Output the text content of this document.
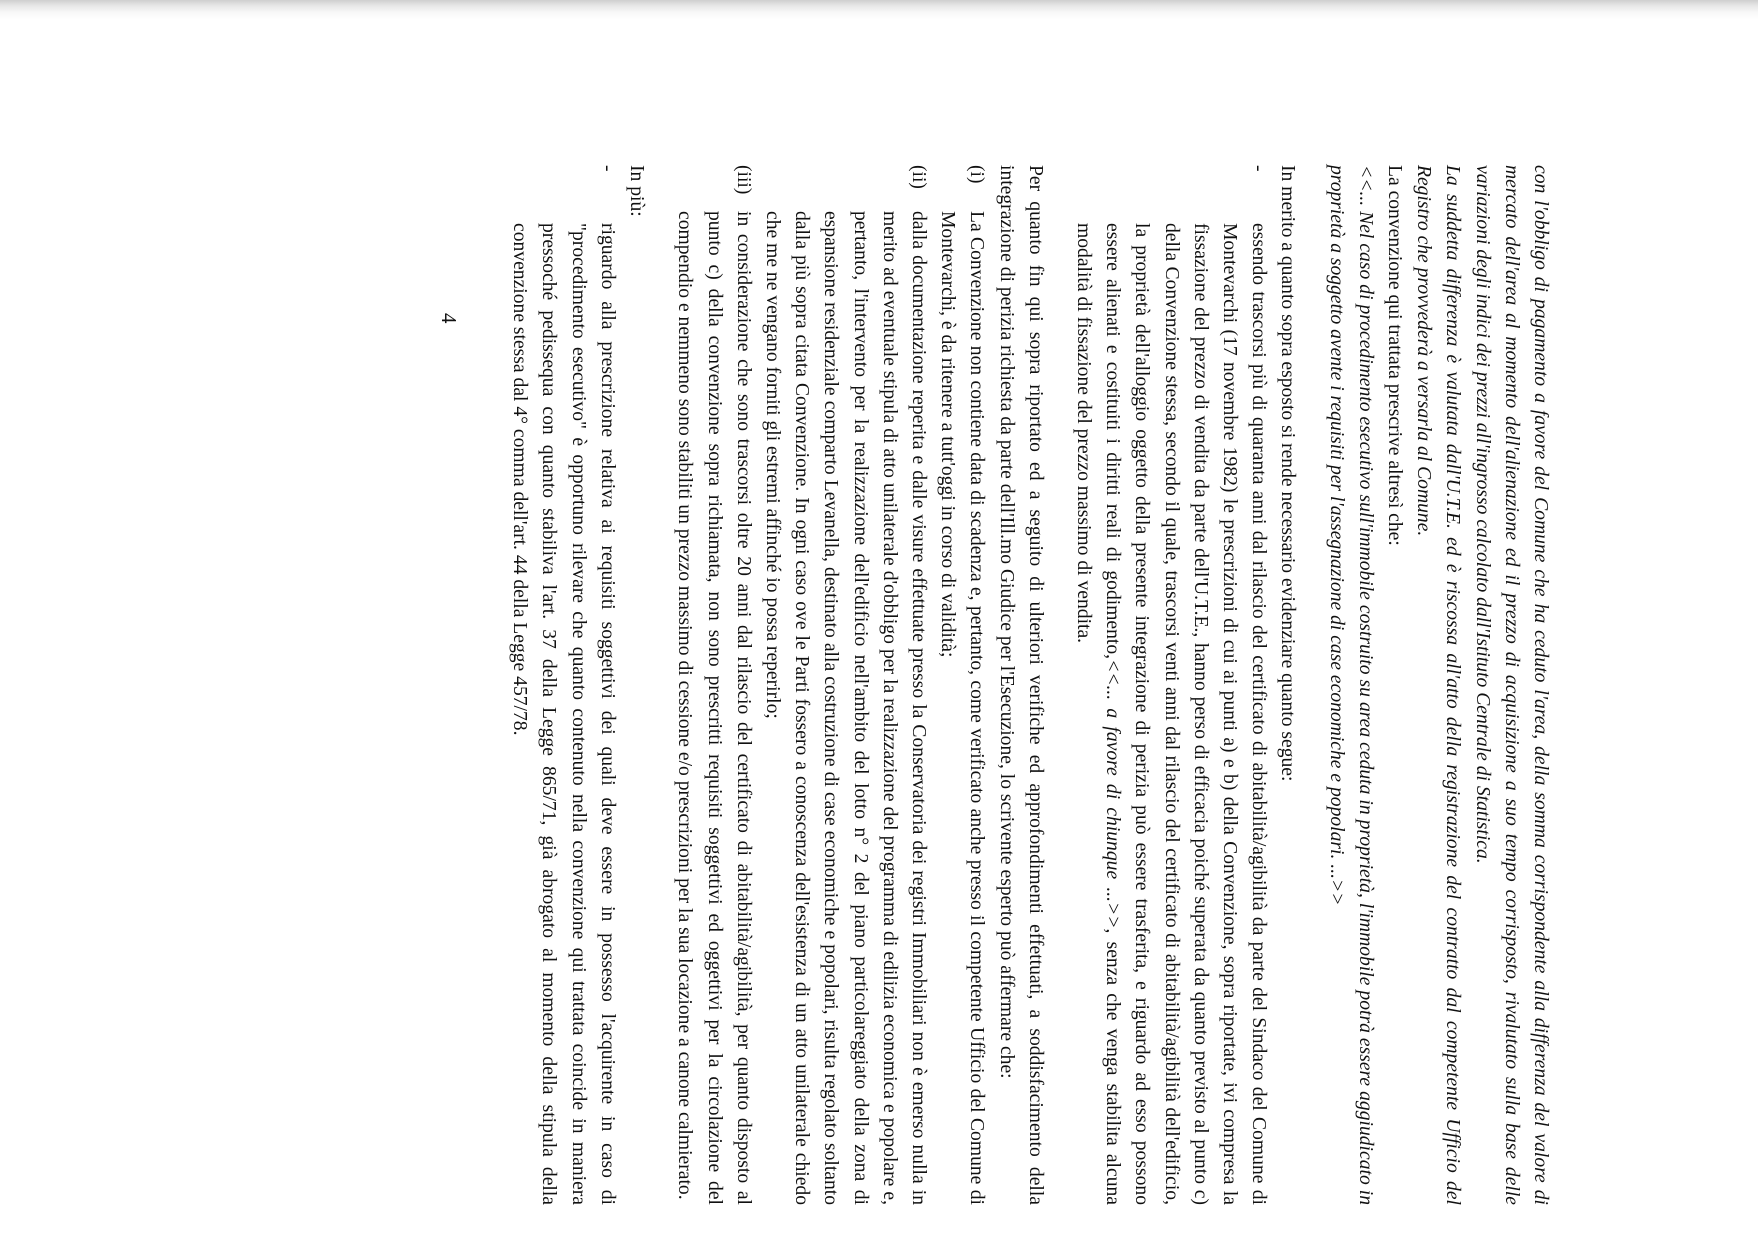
con l'obbligo di pagamento a favore del Comune che ha ceduto l'area, della somma corrispondente alla differenza del valore di mercato dell'area al momento dell'alienazione ed il prezzo di acquisizione a suo tempo corrisposto, rivalutato sulla base delle variazioni degli indici dei prezzi all'ingrosso calcolato dall'Istituto Centrale di Statistica.

La suddetta differenza è valutata dall'U.T.E. ed è riscossa all'atto della registrazione del contratto dal competente Ufficio del Registro che provvederà a versarla al Comune.

La convenzione qui trattata prescrive altresì che:

<<... Nel caso di procedimento esecutivo sull'immobile costruito su area ceduta in proprietà, l'immobile potrà essere aggiudicato in proprietà a soggetto avente i requisiti per l'assegnazione di case economiche e popolari. ...>>

In merito a quanto sopra esposto si rende necessario evidenziare quanto segue:

-
essendo trascorsi più di quaranta anni dal rilascio del certificato di abitabilità/agibilità da parte del Sindaco del Comune di Montevarchi (17 novembre 1982) le prescrizioni di cui ai punti a) e b) della Convenzione, sopra riportate, ivi compresa la fissazione del prezzo di vendita da parte dell'U.T.E., hanno perso di efficacia poiché superata da quanto previsto al punto c) della Convenzione stessa, secondo il quale, trascorsi venti anni dal rilascio del certificato di abitabilità/agibilità dell'edificio, la proprietà dell'alloggio oggetto della presente integrazione di perizia può essere trasferita, e riguardo ad esso possono essere alienati e costituiti i diritti reali di godimento,<<... a favore di chiunque ...>>, senza che venga stabilita alcuna modalità di fissazione del prezzo massimo di vendita.

Per quanto fin qui sopra riportato ed a seguito di ulteriori verifiche ed approfondimenti effettuati, a soddisfacimento della integrazione di perizia richiesta da parte dell'Ill.mo Giudice per l'Esecuzione, lo scrivente esperto può affermare che:

(i)
La Convenzione non contiene data di scadenza e, pertanto, come verificato anche presso il competente Ufficio del Comune di Montevarchi, è da ritenere a tutt'oggi in corso di validità;
(ii)
dalla documentazione reperita e dalle visure effettuate presso la Conservatoria dei registri Immobiliari non è emerso nulla in merito ad eventuale stipula di atto unilaterale d'obbligo per la realizzazione del programma di edilizia economica e popolare e, pertanto, l'intervento per la realizzazione dell'edificio nell'ambito del lotto n° 2 del piano particolareggiato della zona di espansione residenziale comparto Levanella, destinato alla costruzione di case economiche e popolari, risulta regolato soltanto dalla più sopra citata Convenzione. In ogni caso ove le Parti fossero a conoscenza dell'esistenza di un atto unilaterale chiedo che me ne vengano forniti gli estremi affinché io possa reperirlo;
(iii)
in considerazione che sono trascorsi oltre 20 anni dal rilascio del certificato di abitabilità/agibilità, per quanto disposto al punto c) della convenzione sopra richiamata, non sono prescritti requisiti soggettivi ed oggettivi per la circolazione del compendio e nemmeno sono stabiliti un prezzo massimo di cessione e/o prescrizioni per la sua locazione a canone calmierato.

In più:

-
riguardo alla prescrizione relativa ai requisiti soggettivi dei quali deve essere in possesso l'acquirente in caso di "procedimento esecutivo" è opportuno rilevare che quanto contenuto nella convenzione qui trattata coincide in maniera pressoché pedissequa con quanto stabiliva l'art. 37 della Legge 865/71, già abrogato al momento della stipula della convenzione stessa dal 4° comma dell'art. 44 della Legge 457/78.
4
